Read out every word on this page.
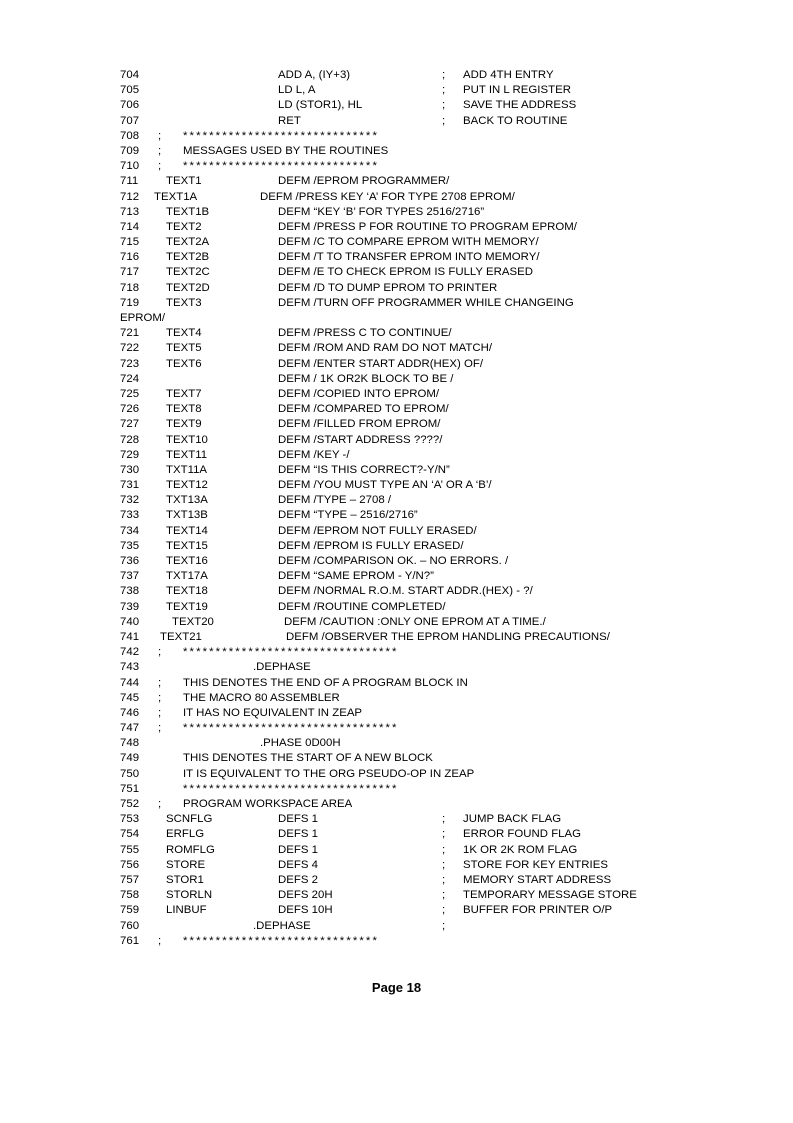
704	ADD A, (IY+3)	; ADD 4TH ENTRY
705	LD L, A	; PUT IN L REGISTER
706	LD (STOR1), HL	; SAVE THE ADDRESS
707	RET	; BACK TO ROUTINE
708	; ******************************
709	; MESSAGES USED BY THE ROUTINES
710	; ******************************
711	TEXT1	DEFM /EPROM PROGRAMMER/
712	TEXT1A	DEFM /PRESS KEY ‘A’ FOR TYPE 2708 EPROM/
713	TEXT1B	DEFM “KEY ‘B’ FOR TYPES 2516/2716”
714	TEXT2	DEFM /PRESS P FOR ROUTINE TO PROGRAM EPROM/
715	TEXT2A	DEFM /C TO COMPARE EPROM WITH MEMORY/
716	TEXT2B	DEFM /T TO TRANSFER EPROM INTO MEMORY/
717	TEXT2C	DEFM /E TO CHECK EPROM IS FULLY ERASED
718	TEXT2D	DEFM /D TO DUMP EPROM TO PRINTER
719	TEXT3	DEFM /TURN OFF PROGRAMMER WHILE CHANGEING
EPROM/
721	TEXT4	DEFM /PRESS C TO CONTINUE/
722	TEXT5	DEFM /ROM AND RAM DO NOT MATCH/
723	TEXT6	DEFM /ENTER START ADDR(HEX) OF/
724	DEFM / 1K OR2K BLOCK TO BE /
725	TEXT7	DEFM /COPIED INTO EPROM/
726	TEXT8	DEFM /COMPARED TO EPROM/
727	TEXT9	DEFM /FILLED FROM EPROM/
728	TEXT10	DEFM /START ADDRESS ????/
729	TEXT11	DEFM /KEY -/
730	TXT11A	DEFM “IS THIS CORRECT?-Y/N”
731	TEXT12	DEFM /YOU MUST TYPE AN ‘A’ OR A ‘B’/
732	TXT13A	DEFM /TYPE – 2708 /
733	TXT13B	DEFM “TYPE – 2516/2716”
734	TEXT14	DEFM /EPROM NOT FULLY ERASED/
735	TEXT15	DEFM /EPROM IS FULLY ERASED/
736	TEXT16	DEFM /COMPARISON OK. – NO ERRORS. /
737	TXT17A	DEFM “SAME EPROM - Y/N?”
738	TEXT18	DEFM /NORMAL R.O.M. START ADDR.(HEX) - ?/
739	TEXT19	DEFM /ROUTINE COMPLETED/
740	TEXT20	DEFM /CAUTION :ONLY ONE EPROM AT A TIME./
741	TEXT21	DEFM /OBSERVER THE EPROM HANDLING PRECAUTIONS/
742	; *********************************
743	.DEPHASE
744	; THIS DENOTES THE END OF A PROGRAM BLOCK IN
745	; THE MACRO 80 ASSEMBLER
746	; IT HAS NO EQUIVALENT IN ZEAP
747	; *********************************
748	.PHASE 0D00H
749	THIS DENOTES THE START OF A NEW BLOCK
750	IT IS EQUIVALENT TO THE ORG PSEUDO-OP IN ZEAP
751	*********************************
752	; PROGRAM WORKSPACE AREA
753	SCNFLG	DEFS 1	; JUMP BACK FLAG
754	ERFLG	DEFS 1	; ERROR FOUND FLAG
755	ROMFLG	DEFS 1	; 1K OR 2K ROM FLAG
756	STORE	DEFS 4	; STORE FOR KEY ENTRIES
757	STOR1	DEFS 2	; MEMORY START ADDRESS
758	STORLN	DEFS 20H	; TEMPORARY MESSAGE STORE
759	LINBUF	DEFS 10H	; BUFFER FOR PRINTER O/P
760	.DEPHASE	;
761	; ******************************
Page 18
